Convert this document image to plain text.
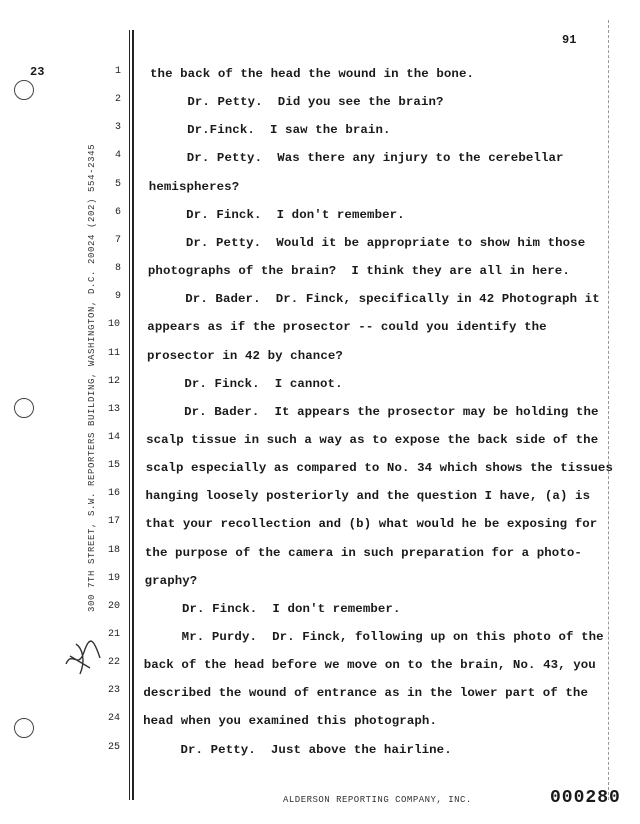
91
23
300 7TH STREET, S.W. REPORTERS BUILDING, WASHINGTON, D.C. 20024 (202) 554-2345
1 the back of the head the wound in the bone.
2 Dr. Petty.  Did you see the brain?
3 Dr.Finck.  I saw the brain.
4 Dr. Petty.  Was there any injury to the cerebellar
5 hemispheres?
6 Dr. Finck.  I don't remember.
7 Dr. Petty.  Would it be appropriate to show him those
8 photographs of the brain?  I think they are all in here.
9 Dr. Bader.  Dr. Finck, specifically in 42 Photograph it
10 appears as if the prosector -- could you identify the
11 prosector in 42 by chance?
12 Dr. Finck.  I cannot.
13 Dr. Bader.  It appears the prosector may be holding the
14 scalp tissue in such a way as to expose the back side of the
15 scalp especially as compared to No. 34 which shows the tissues
16 hanging loosely posteriorly and the question I have, (a) is
17 that your recollection and (b) what would he be exposing for
18 the purpose of the camera in such preparation for a photo-
19 graphy?
20 Dr. Finck.  I don't remember.
21 Mr. Purdy.  Dr. Finck, following up on this photo of the
22 back of the head before we move on to the brain, No. 43, you
23 described the wound of entrance as in the lower part of the
24 head when you examined this photograph.
25 Dr. Petty.  Just above the hairline.
ALDERSON REPORTING COMPANY, INC.	000280
